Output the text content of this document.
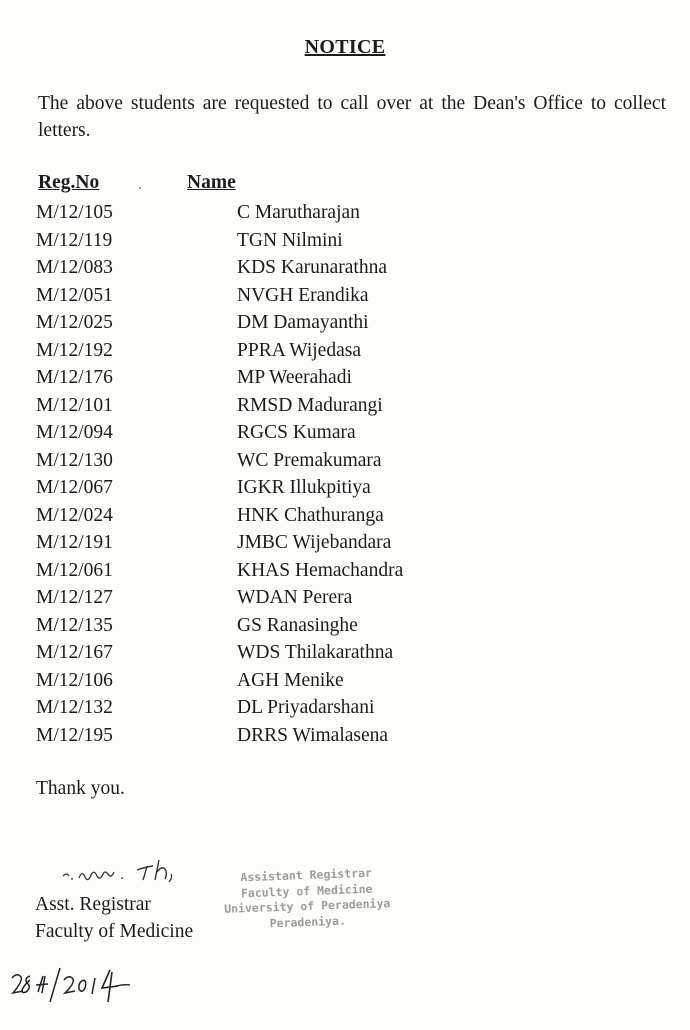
NOTICE
The above students are requested to call over at the Dean's Office to collect letters.
Reg.No	Name
M/12/105	C Marutharajan
M/12/119	TGN Nilmini
M/12/083	KDS Karunarathna
M/12/051	NVGH Erandika
M/12/025	DM Damayanthi
M/12/192	PPRA Wijedasa
M/12/176	MP Weerahadi
M/12/101	RMSD Madurangi
M/12/094	RGCS Kumara
M/12/130	WC Premakumara
M/12/067	IGKR Illukpitiya
M/12/024	HNK Chathuranga
M/12/191	JMBC Wijebandara
M/12/061	KHAS Hemachandra
M/12/127	WDAN Perera
M/12/135	GS Ranasinghe
M/12/167	WDS Thilakarathna
M/12/106	AGH Menike
M/12/132	DL Priyadarshani
M/12/195	DRRS Wimalasena
Thank you.
Asst. Registrar
Faculty of Medicine
Assistant Registrar
Faculty of Medicine
University of Peradeniya
Peradeniya.
